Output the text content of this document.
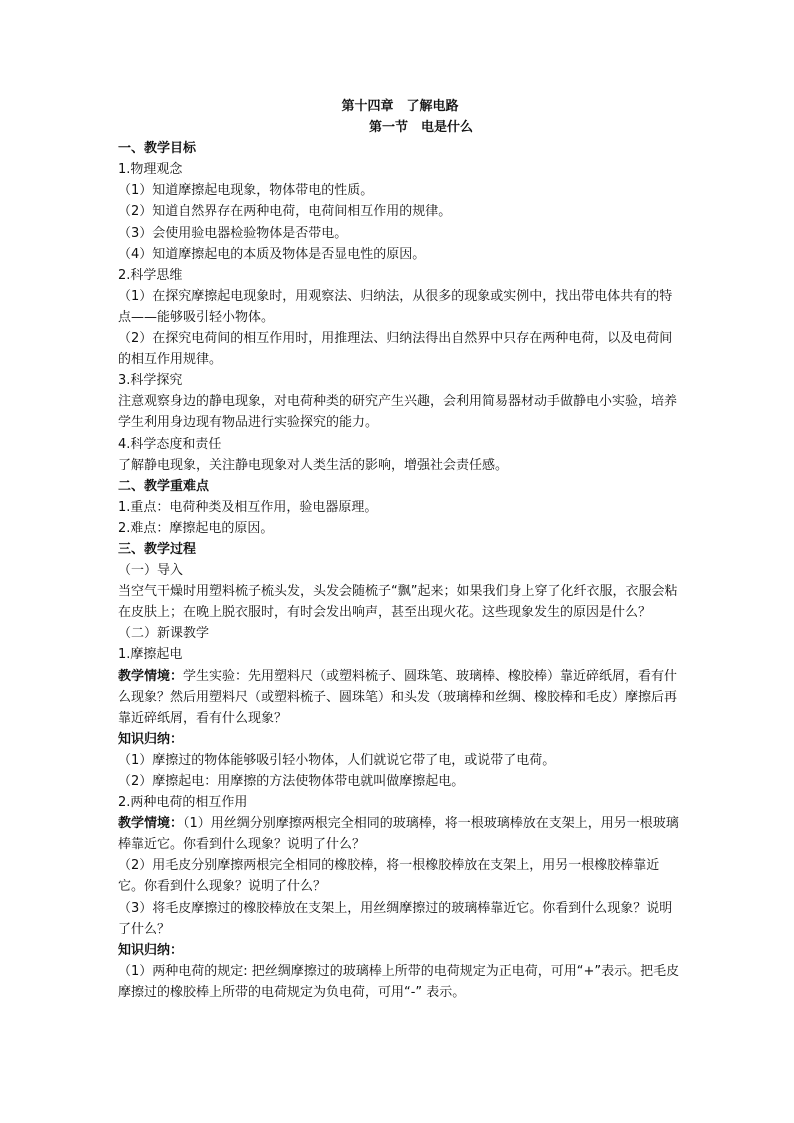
第十四章　了解电路
第一节　电是什么

一、教学目标

1.物理观念

（1）知道摩擦起电现象，物体带电的性质。

（2）知道自然界存在两种电荷，电荷间相互作用的规律。

（3）会使用验电器检验物体是否带电。

（4）知道摩擦起电的本质及物体是否显电性的原因。

2.科学思维

（1）在探究摩擦起电现象时，用观察法、归纳法，从很多的现象或实例中，找出带电体共有的特点——能够吸引轻小物体。

（2）在探究电荷间的相互作用时，用推理法、归纳法得出自然界中只存在两种电荷，以及电荷间的相互作用规律。

3.科学探究

注意观察身边的静电现象，对电荷种类的研究产生兴趣，会利用简易器材动手做静电小实验，培养学生利用身边现有物品进行实验探究的能力。

4.科学态度和责任

了解静电现象，关注静电现象对人类生活的影响，增强社会责任感。

二、教学重难点

1.重点：电荷种类及相互作用，验电器原理。

2.难点：摩擦起电的原因。

三、教学过程

（一）导入

当空气干燥时用塑料梳子梳头发，头发会随梳子“飘”起来；如果我们身上穿了化纤衣服，衣服会粘在皮肤上；在晚上脱衣服时，有时会发出响声，甚至出现火花。这些现象发生的原因是什么？

（二）新课教学

1.摩擦起电

教学情境：学生实验：先用塑料尺（或塑料梳子、圆珠笔、玻璃棒、橡胶棒）靠近碎纸屑，看有什么现象？然后用塑料尺（或塑料梳子、圆珠笔）和头发（玻璃棒和丝绸、橡胶棒和毛皮）摩擦后再靠近碎纸屑，看有什么现象？

知识归纳：

（1）摩擦过的物体能够吸引轻小物体，人们就说它带了电，或说带了电荷。

（2）摩擦起电：用摩擦的方法使物体带电就叫做摩擦起电。

2.两种电荷的相互作用

教学情境：（1）用丝绸分别摩擦两根完全相同的玻璃棒，将一根玻璃棒放在支架上，用另一根玻璃棒靠近它。你看到什么现象？说明了什么？

（2）用毛皮分别摩擦两根完全相同的橡胶棒，将一根橡胶棒放在支架上，用另一根橡胶棒靠近它。你看到什么现象？说明了什么？

（3）将毛皮摩擦过的橡胶棒放在支架上，用丝绸摩擦过的玻璃棒靠近它。你看到什么现象？说明了什么？

知识归纳：

（1）两种电荷的规定: 把丝绸摩擦过的玻璃棒上所带的电荷规定为正电荷，可用“+”表示。把毛皮摩擦过的橡胶棒上所带的电荷规定为负电荷，可用“-” 表示。
